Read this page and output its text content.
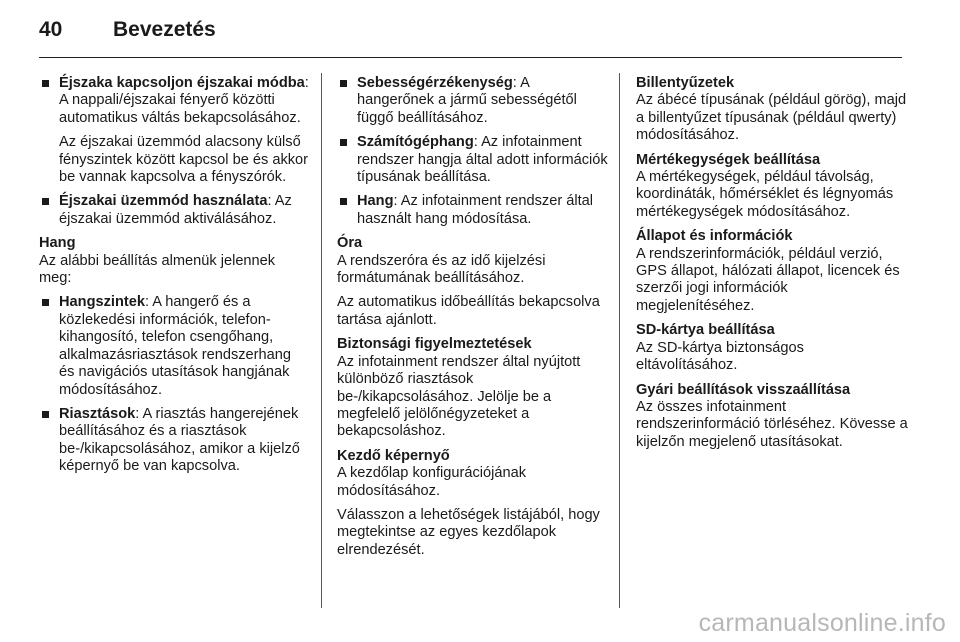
40	Bevezetés
Éjszaka kapcsoljon éjszakai módba: A nappali/éjszakai fényerő közötti automatikus váltás bekapcsolásához.
Az éjszakai üzemmód alacsony külső fényszintek között kapcsol be és akkor be vannak kapcsolva a fényszórók.
Éjszakai üzemmód használata: Az éjszakai üzemmód aktiválásához.
Hang
Az alábbi beállítás almenük jelennek meg:
Hangszintek: A hangerő és a közlekedési információk, telefon-kihangosító, telefon csengőhang, alkalmazásriasztások rendszerhang és navigációs utasítások hangjának módosításához.
Riasztások: A riasztás hangerejének beállításához és a riasztások be-/kikapcsolásához, amikor a kijelző képernyő be van kapcsolva.
Sebességérzékenység: A hangerőnek a jármű sebességétől függő beállításához.
Számítógéphang: Az infotainment rendszer hangja által adott információk típusának beállítása.
Hang: Az infotainment rendszer által használt hang módosítása.
Óra
A rendszeróra és az idő kijelzési formátumának beállításához.

Az automatikus időbeállítás bekapcsolva tartása ajánlott.

Biztonsági figyelmeztetések
Az infotainment rendszer által nyújtott különböző riasztások be-/kikapcsolásához. Jelölje be a megfelelő jelölőnégyzeteket a bekapcsoláshoz.
Kezdő képernyő
A kezdőlap konfigurációjának módosításához.

Válasszon a lehetőségek listájából, hogy megtekintse az egyes kezdőlapok elrendezését.

Billentyűzetek
Az ábécé típusának (például görög), majd a billentyűzet típusának (például qwerty) módosításához.
Mértékegységek beállítása
A mértékegységek, például távolság, koordináták, hőmérséklet és légnyomás mértékegységek módosításához.
Állapot és információk
A rendszerinformációk, például verzió, GPS állapot, hálózati állapot, licencek és szerzői jogi információk megjelenítéséhez.
SD-kártya beállítása
Az SD-kártya biztonságos eltávolításához.
Gyári beállítások visszaállítása
Az összes infotainment rendszerinformáció törléséhez. Kövesse a kijelzőn megjelenő utasításokat.
carmanualsonline.info
